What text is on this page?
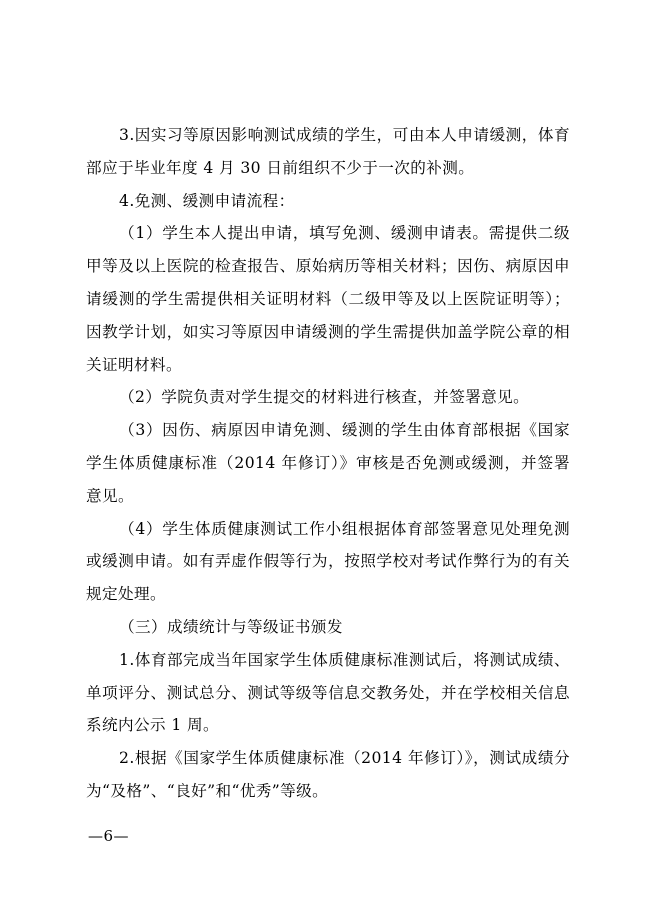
3.因实习等原因影响测试成绩的学生，可由本人申请缓测，体育部应于毕业年度 4 月 30 日前组织不少于一次的补测。

4.免测、缓测申请流程：

（1）学生本人提出申请，填写免测、缓测申请表。需提供二级甲等及以上医院的检查报告、原始病历等相关材料；因伤、病原因申请缓测的学生需提供相关证明材料（二级甲等及以上医院证明等）；因教学计划，如实习等原因申请缓测的学生需提供加盖学院公章的相关证明材料。

（2）学院负责对学生提交的材料进行核查，并签署意见。

（3）因伤、病原因申请免测、缓测的学生由体育部根据《国家学生体质健康标准（2014 年修订）》审核是否免测或缓测，并签署意见。

（4）学生体质健康测试工作小组根据体育部签署意见处理免测或缓测申请。如有弄虚作假等行为，按照学校对考试作弊行为的有关规定处理。

（三）成绩统计与等级证书颁发

1.体育部完成当年国家学生体质健康标准测试后，将测试成绩、单项评分、测试总分、测试等级等信息交教务处，并在学校相关信息系统内公示 1 周。

2.根据《国家学生体质健康标准（2014 年修订）》，测试成绩分为“及格”、“良好”和“优秀”等级。

—6—
